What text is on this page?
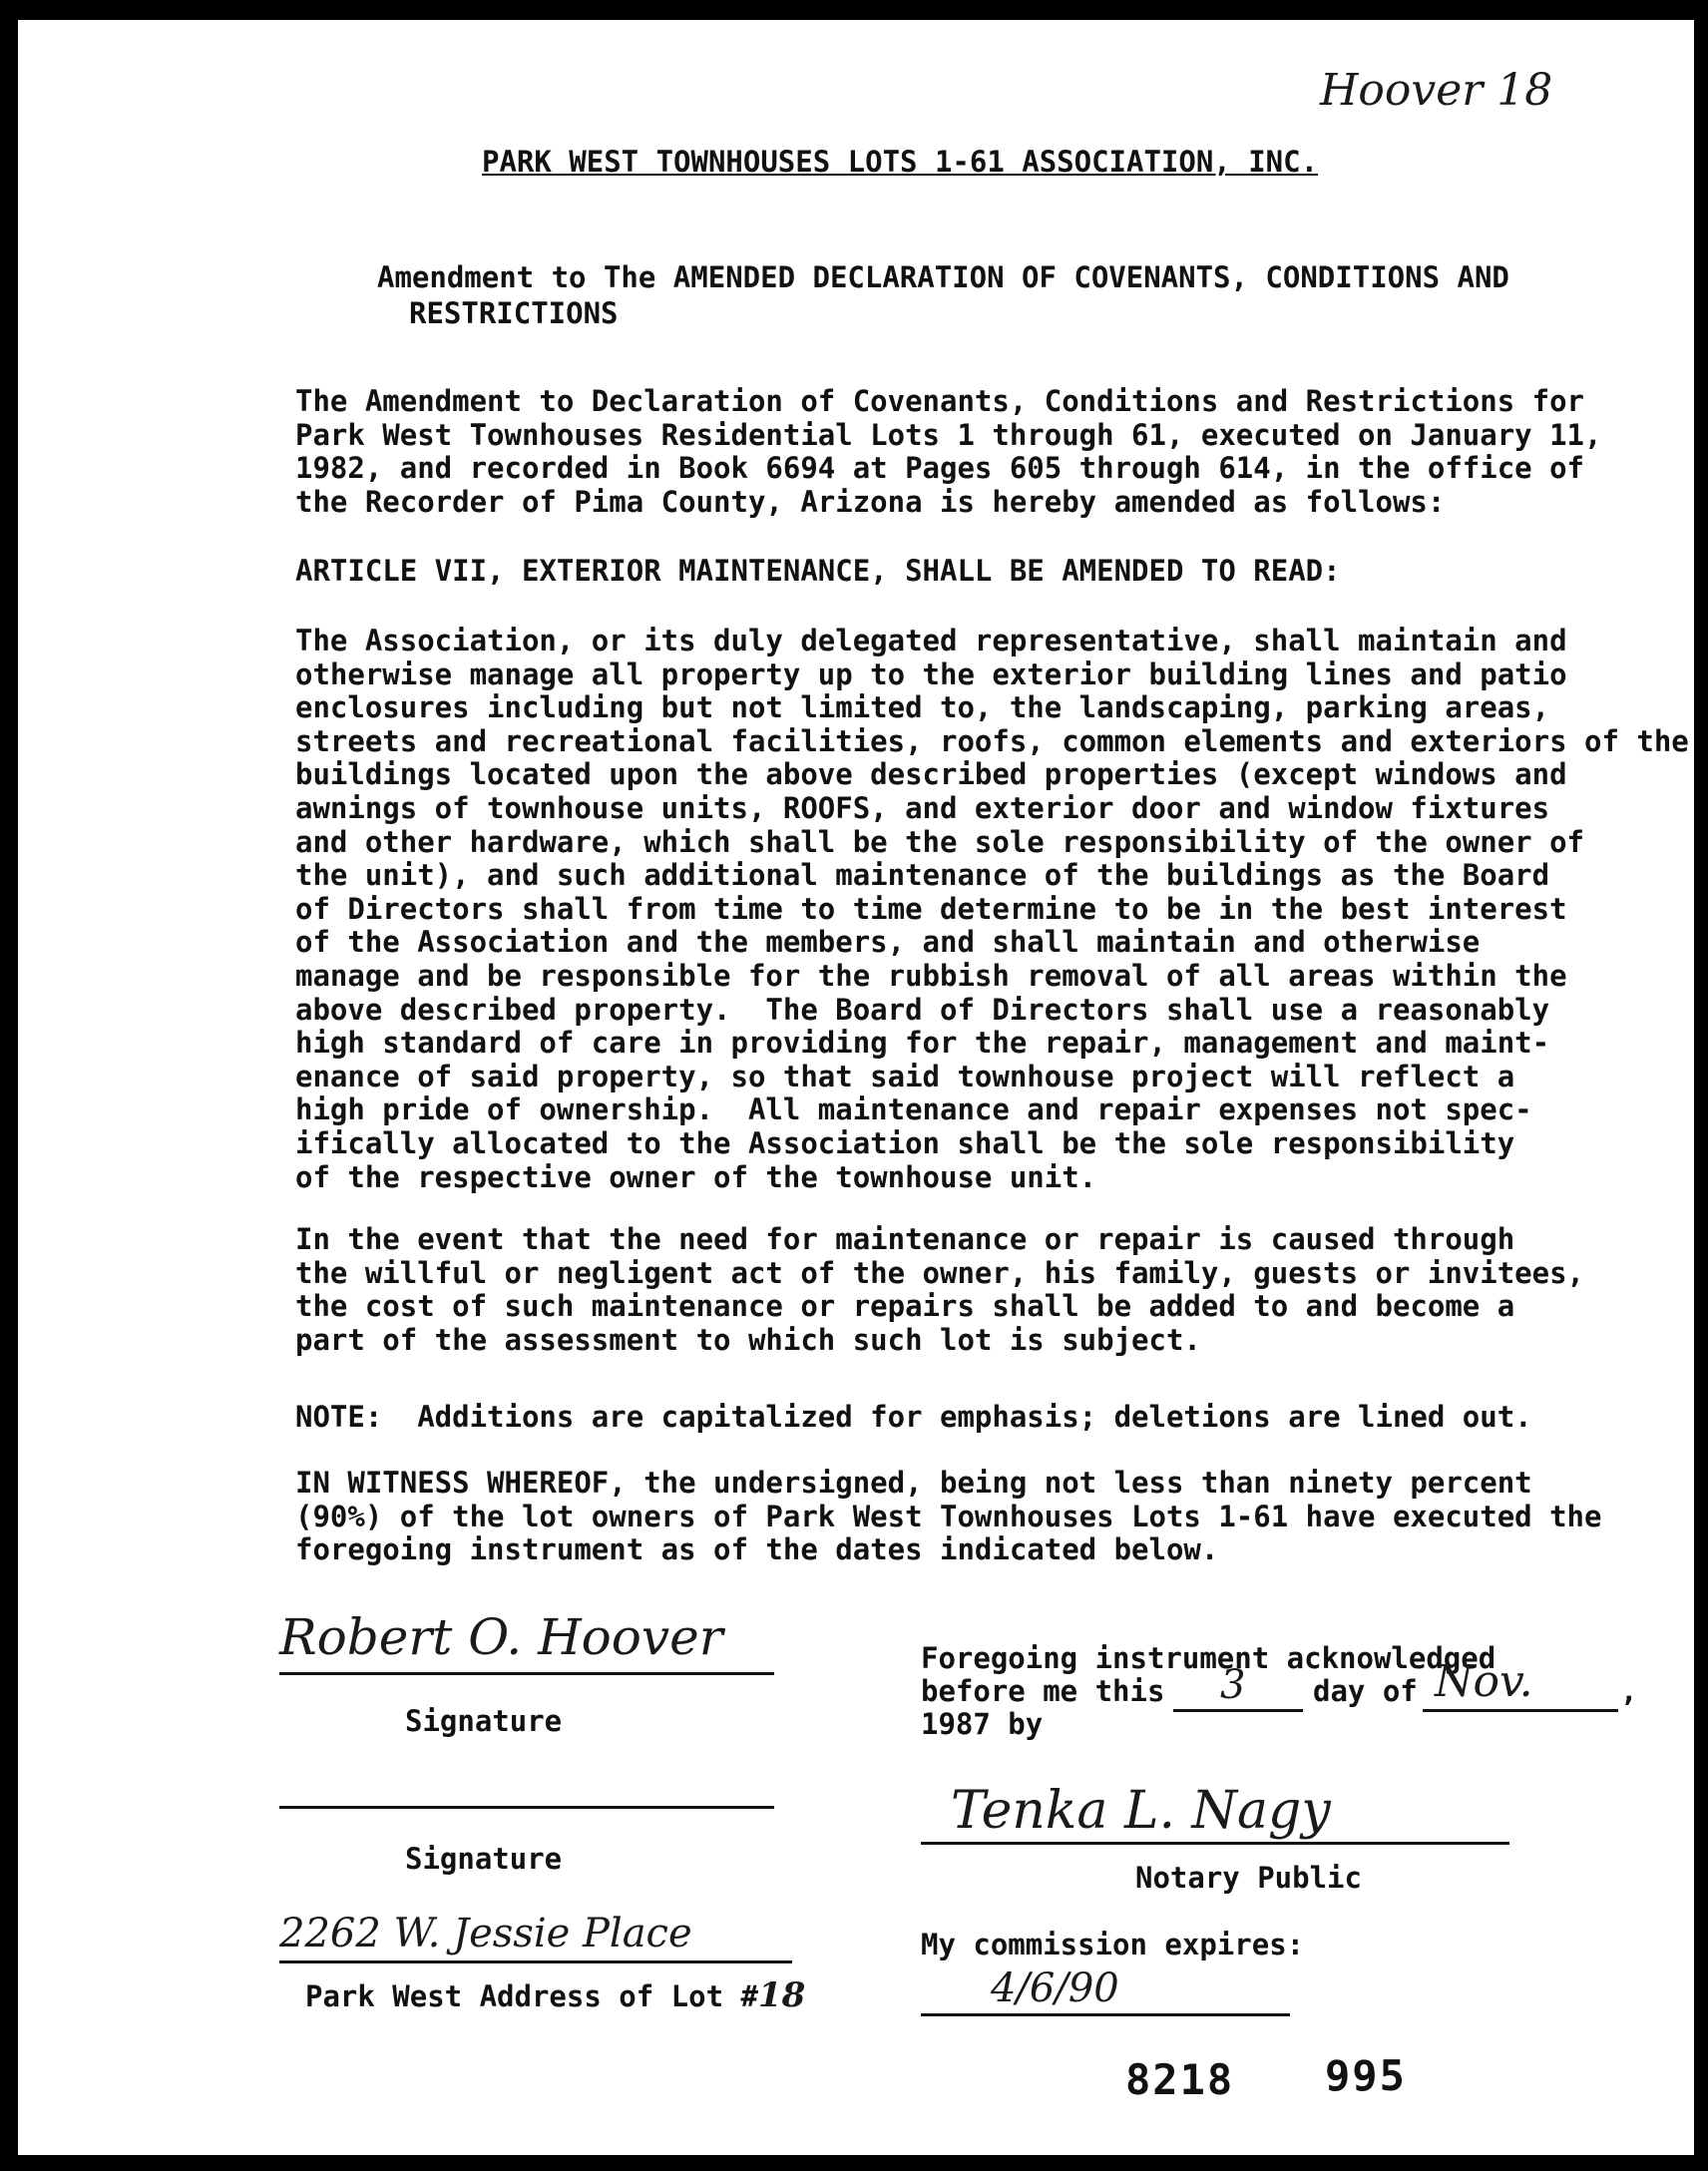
Hoover 18
PARK WEST TOWNHOUSES LOTS 1-61 ASSOCIATION, INC.
Amendment to The AMENDED DECLARATION OF COVENANTS, CONDITIONS AND
RESTRICTIONS
The Amendment to Declaration of Covenants, Conditions and Restrictions for
Park West Townhouses Residential Lots 1 through 61, executed on January 11,
1982, and recorded in Book 6694 at Pages 605 through 614, in the office of
the Recorder of Pima County, Arizona is hereby amended as follows:
ARTICLE VII, EXTERIOR MAINTENANCE, SHALL BE AMENDED TO READ:
The Association, or its duly delegated representative, shall maintain and
otherwise manage all property up to the exterior building lines and patio
enclosures including but not limited to, the landscaping, parking areas,
streets and recreational facilities, roofs, common elements and exteriors of the
buildings located upon the above described properties (except windows and
awnings of townhouse units, ROOFS, and exterior door and window fixtures
and other hardware, which shall be the sole responsibility of the owner of
the unit), and such additional maintenance of the buildings as the Board
of Directors shall from time to time determine to be in the best interest
of the Association and the members, and shall maintain and otherwise
manage and be responsible for the rubbish removal of all areas within the
above described property.  The Board of Directors shall use a reasonably
high standard of care in providing for the repair, management and maint-
enance of said property, so that said townhouse project will reflect a
high pride of ownership.  All maintenance and repair expenses not spec-
ifically allocated to the Association shall be the sole responsibility
of the respective owner of the townhouse unit.
In the event that the need for maintenance or repair is caused through
the willful or negligent act of the owner, his family, guests or invitees,
the cost of such maintenance or repairs shall be added to and become a
part of the assessment to which such lot is subject.
NOTE:  Additions are capitalized for emphasis; deletions are lined out.
IN WITNESS WHEREOF, the undersigned, being not less than ninety percent
(90%) of the lot owners of Park West Townhouses Lots 1-61 have executed the
foregoing instrument as of the dates indicated below.
Robert O. Hoover
Signature
Signature
2262 W. Jessie Place
Park West Address of Lot #18
Foregoing instrument acknowledged
before me this 3 day of Nov.	,
1987 by
Tenka L. Nagy
Notary Public
My commission expires:
4/6/90
8218 995
